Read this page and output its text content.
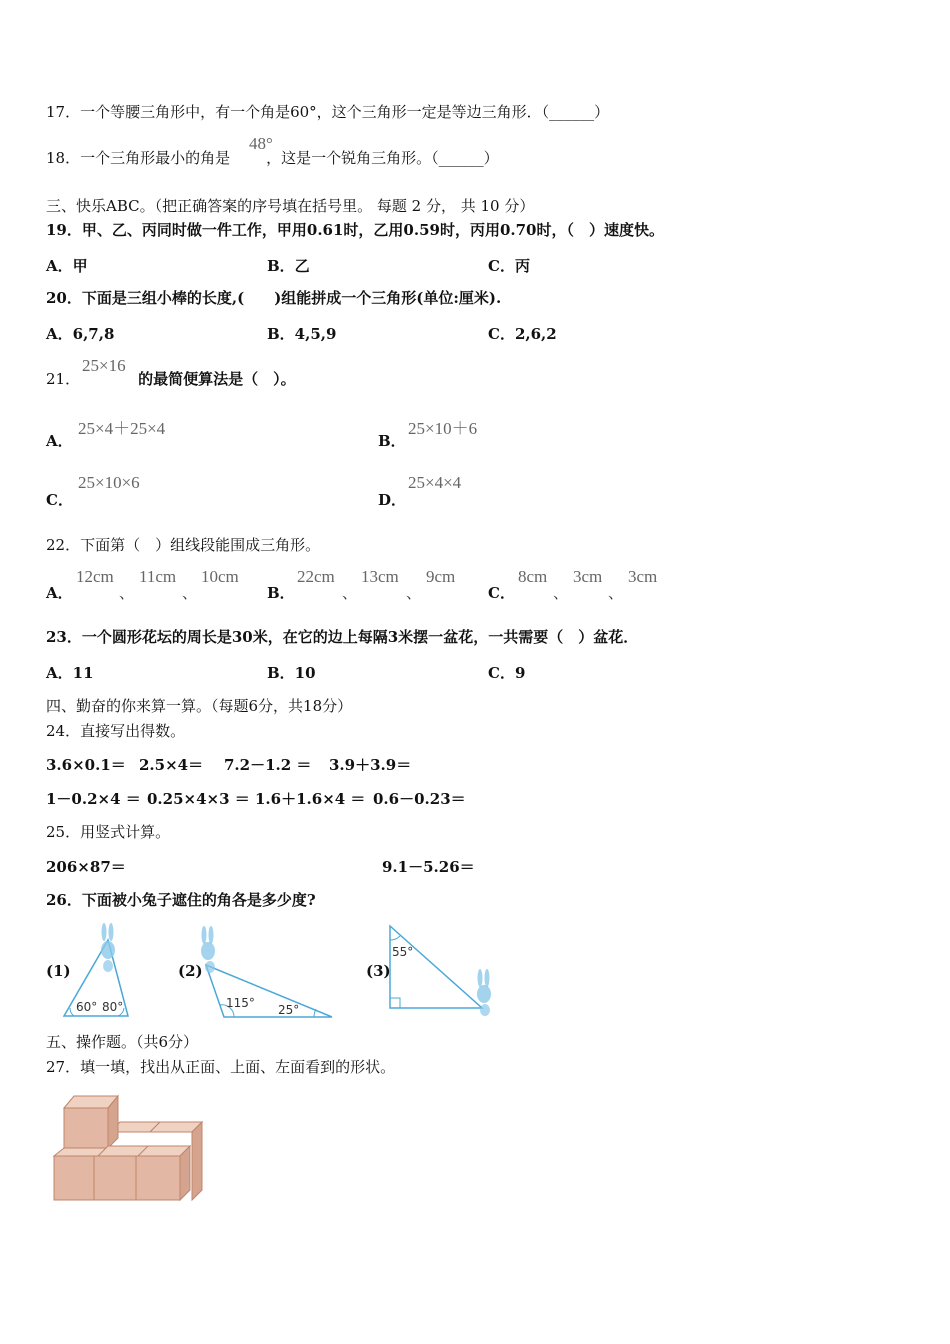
17．一个等腰三角形中，有一个角是60°，这个三角形一定是等边三角形．（______）
18．一个三角形最小的角是 ，这是一个锐角三角形。（______）
48°
三、快乐ABC。（把正确答案的序号填在括号里。 每题 2 分， 共 10 分）
19．甲、乙、丙同时做一件工作，甲用0.61时，乙用0.59时，丙用0.70时，（　）速度快。
A．甲	B．乙	C．丙
20．下面是三组小棒的长度,(　　)组能拼成一个三角形(单位:厘米).
A．6,7,8	B．4,5,9	C．2,6,2
21．	的最简便算法是（　）。
25×16
A．
25×4＋25×4
B．
25×10＋6
C．
25×10×6
D．
25×4×4
22．下面第（　）组线段能围成三角形。
A．
12cm
、
11cm
、
10cm
B．
22cm
、
13cm
、
9cm
C．
8cm
、
3cm
、
3cm
23．一个圆形花坛的周长是30米，在它的边上每隔3米摆一盆花，一共需要（　）盆花．
A．11	B．10	C．9
四、勤奋的你来算一算。（每题6分，共18分）
24．直接写出得数。
3.6×0.1＝ 2.5×4＝ 7.2－1.2 ＝ 3.9＋3.9＝
1－0.2×4 ＝ 0.25×4×3 ＝ 1.6＋1.6×4 ＝ 0.6－0.23＝
25．用竖式计算。
206×87＝	9.1－5.26＝
26．下面被小兔子遮住的角各是多少度?
(1)
60° 80°
(2)
115° 25°
(3)
55°
五、操作题。（共6分）
27．填一填，找出从正面、上面、左面看到的形状。
